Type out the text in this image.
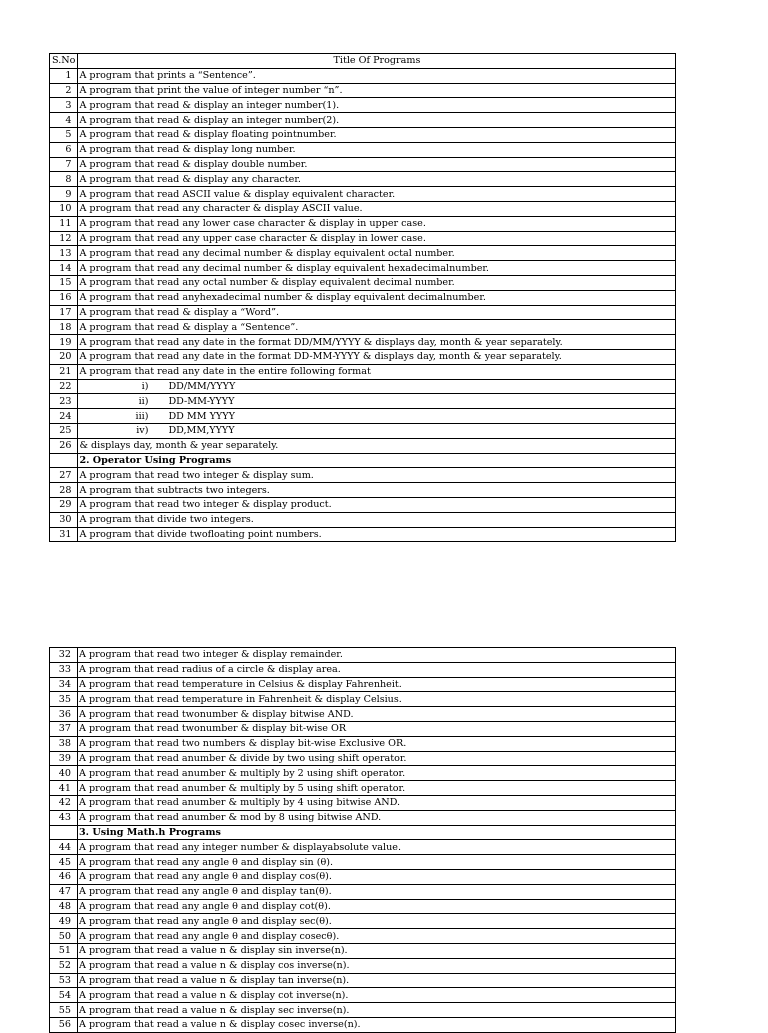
S.No	Title Of Programs
1	A program that prints a “Sentence”.
2	A program that print the value of integer number “n”.
3	A program that read & display an integer number(1).
4	A program that read & display an integer number(2).
5	A program that read & display floating pointnumber.
6	A program that read & display long number.
7	A program that read & display double number.
8	A program that read & display any character.
9	A program that read ASCII value & display equivalent character.
10	A program that read any character & display ASCII value.
11	A program that read any lower case character & display in upper case.
12	A program that read any upper case character & display in lower case.
13	A program that read any decimal number & display equivalent octal number.
14	A program that read any decimal number & display equivalent hexadecimalnumber.
15	A program that read any octal number & display equivalent decimal number.
16	A program that read anyhexadecimal number & display equivalent decimalnumber.
17	A program that read & display a “Word”.
18	A program that read & display a “Sentence”.
19	A program that read any date in the format DD/MM/YYYY & displays day, month & year separately.
20	A program that read any date in the format DD-MM-YYYY & displays day, month & year separately.
21	A program that read any date in the entire following format
22	i) DD/MM/YYYY
23	ii) DD-MM-YYYY
24	iii) DD MM YYYY
25	iv) DD,MM,YYYY
26	& displays day, month & year separately.
	2. Operator Using Programs
27	A program that read two integer & display sum.
28	A program that subtracts two integers.
29	A program that read two integer & display product.
30	A program that divide two integers.
31	A program that divide twofloating point numbers.
32	A program that read two integer & display remainder.
33	A program that read radius of a circle & display area.
34	A program that read temperature in Celsius & display Fahrenheit.
35	A program that read temperature in Fahrenheit & display Celsius.
36	A program that read twonumber & display bitwise AND.
37	A program that read twonumber & display bit-wise OR
38	A program that read two numbers & display bit-wise Exclusive OR.
39	A program that read anumber & divide by two using shift operator.
40	A program that read anumber & multiply by 2 using shift operator.
41	A program that read anumber & multiply by 5 using shift operator.
42	A program that read anumber & multiply by 4 using bitwise AND.
43	A program that read anumber & mod by 8 using bitwise AND.
	3. Using Math.h Programs
44	A program that read any integer number & displayabsolute value.
45	A program that read any angle θ and display sin (θ).
46	A program that read any angle θ and display cos(θ).
47	A program that read any angle θ and display tan(θ).
48	A program that read any angle θ and display cot(θ).
49	A program that read any angle θ and display sec(θ).
50	A program that read any angle θ and display cosecθ).
51	A program that read a value n & display sin inverse(n).
52	A program that read a value n & display cos inverse(n).
53	A program that read a value n & display tan inverse(n).
54	A program that read a value n & display cot inverse(n).
55	A program that read a value n & display sec inverse(n).
56	A program that read a value n & display cosec inverse(n).
